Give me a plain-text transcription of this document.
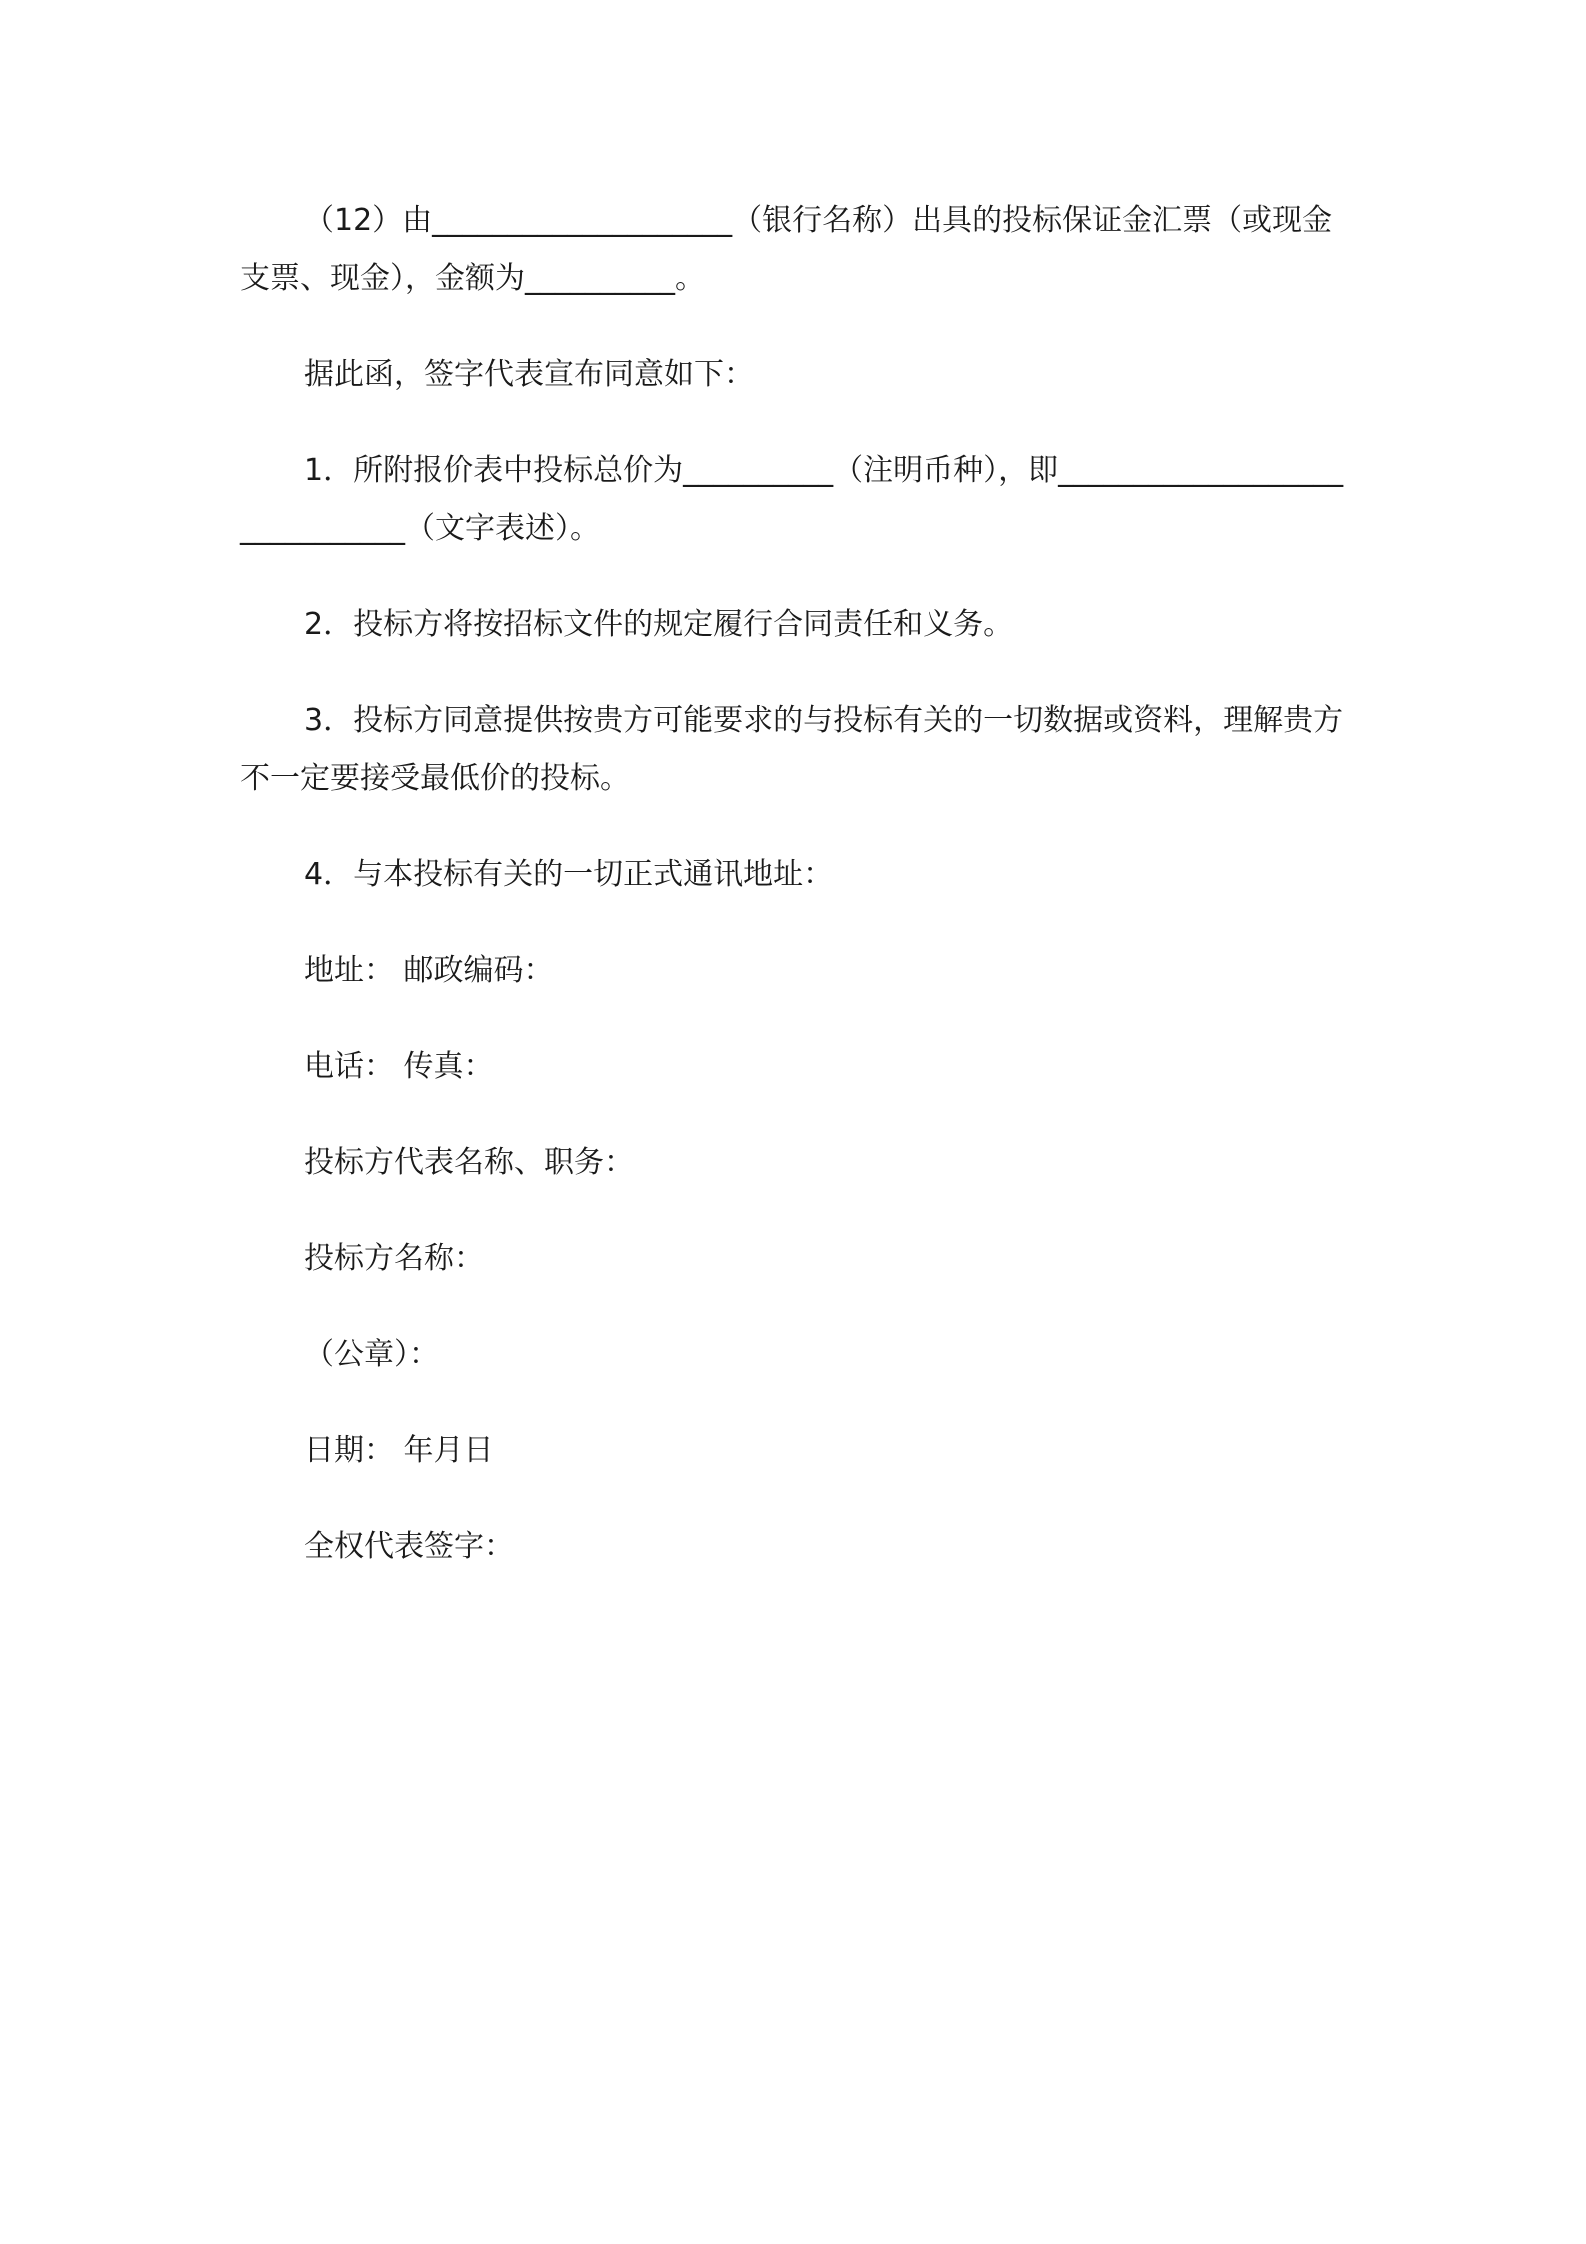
（12）由____________________（银行名称）出具的投标保证金汇票（或现金支票、现金），金额为__________。

据此函，签字代表宣布同意如下：

1．所附报价表中投标总价为__________（注明币种），即______________________________（文字表述）。

2．投标方将按招标文件的规定履行合同责任和义务。

3．投标方同意提供按贵方可能要求的与投标有关的一切数据或资料，理解贵方不一定要接受最低价的投标。

4．与本投标有关的一切正式通讯地址：

地址： 邮政编码：

电话： 传真：

投标方代表名称、职务：

投标方名称：

（公章）：

日期： 年月日

全权代表签字：
